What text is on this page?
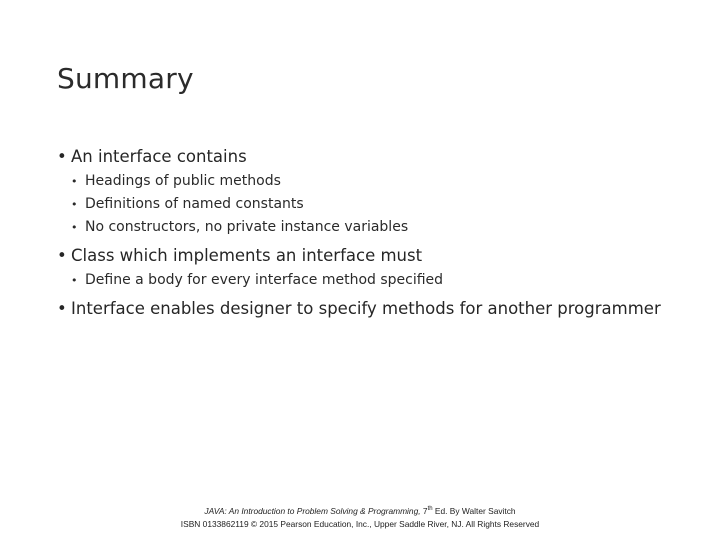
Summary
• An interface contains
• Headings of public methods
• Definitions of named constants
• No constructors, no private instance variables
• Class which implements an interface must
• Define a body for every interface method specified
• Interface enables designer to specify methods for another programmer
JAVA: An Introduction to Problem Solving & Programming, 7th Ed. By Walter Savitch
ISBN 0133862119 © 2015 Pearson Education, Inc., Upper Saddle River, NJ. All Rights Reserved
